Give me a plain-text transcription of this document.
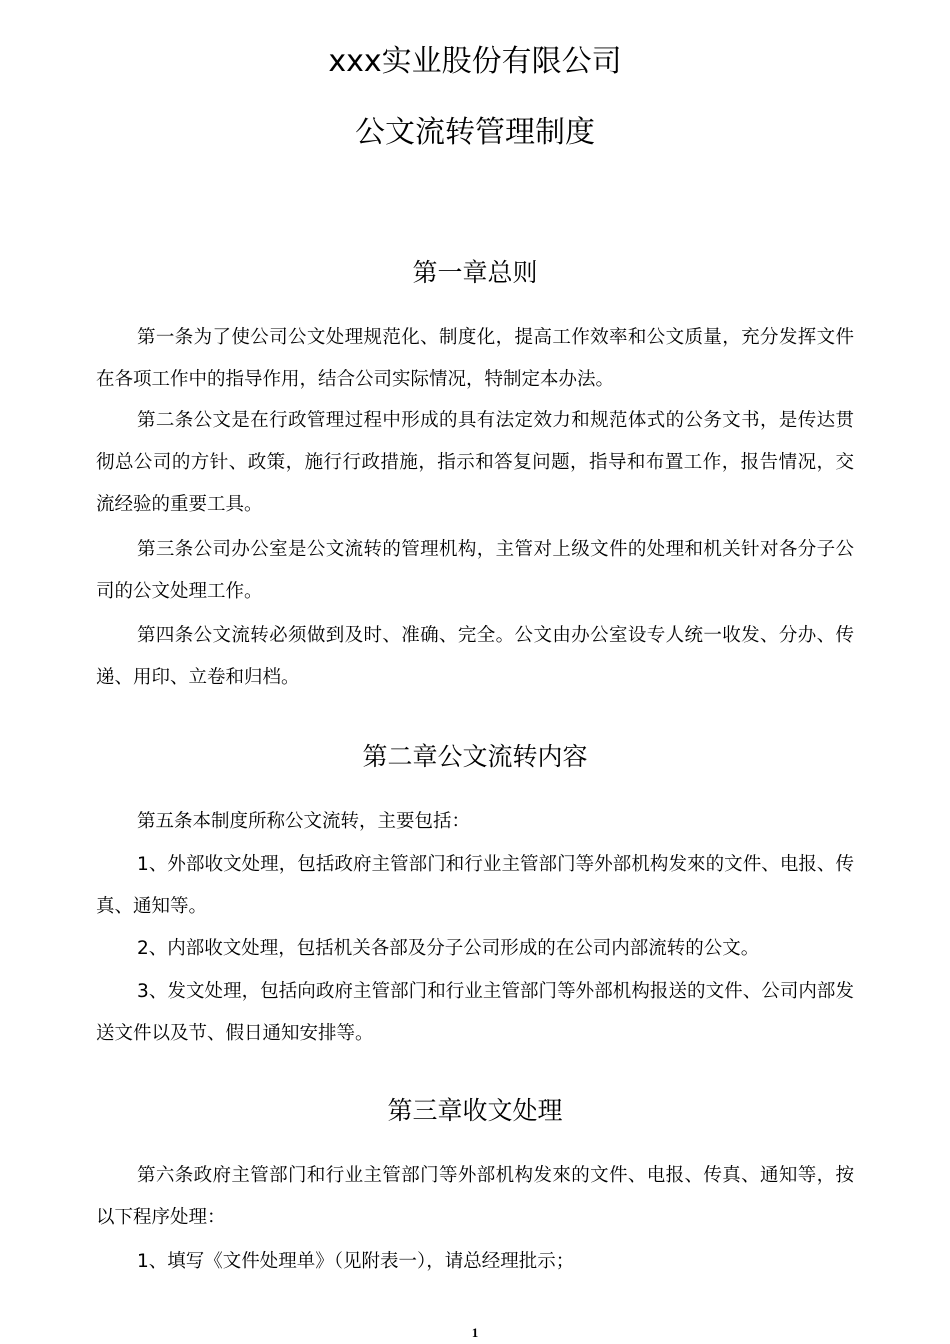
xxx实业股份有限公司
公文流转管理制度
第一章总则

第一条为了使公司公文处理规范化、制度化，提高工作效率和公文质量，充分发挥文件在各项工作中的指导作用，结合公司实际情况，特制定本办法。

第二条公文是在行政管理过程中形成的具有法定效力和规范体式的公务文书，是传达贯彻总公司的方针、政策，施行行政措施，指示和答复问题，指导和布置工作，报告情况，交流经验的重要工具。

第三条公司办公室是公文流转的管理机构，主管对上级文件的处理和机关针对各分子公司的公文处理工作。

第四条公文流转必须做到及时、准确、完全。公文由办公室设专人统一收发、分办、传递、用印、立卷和归档。

第二章公文流转内容

第五条本制度所称公文流转，主要包括：

1、外部收文处理，包括政府主管部门和行业主管部门等外部机构发來的文件、电报、传真、通知等。

2、内部收文处理，包括机关各部及分子公司形成的在公司内部流转的公文。

3、发文处理，包括向政府主管部门和行业主管部门等外部机构报送的文件、公司内部发送文件以及节、假日通知安排等。

第三章收文处理

第六条政府主管部门和行业主管部门等外部机构发來的文件、电报、传真、通知等，按以下程序处理：

1、填写《文件处理单》（见附表一），请总经理批示；

1
